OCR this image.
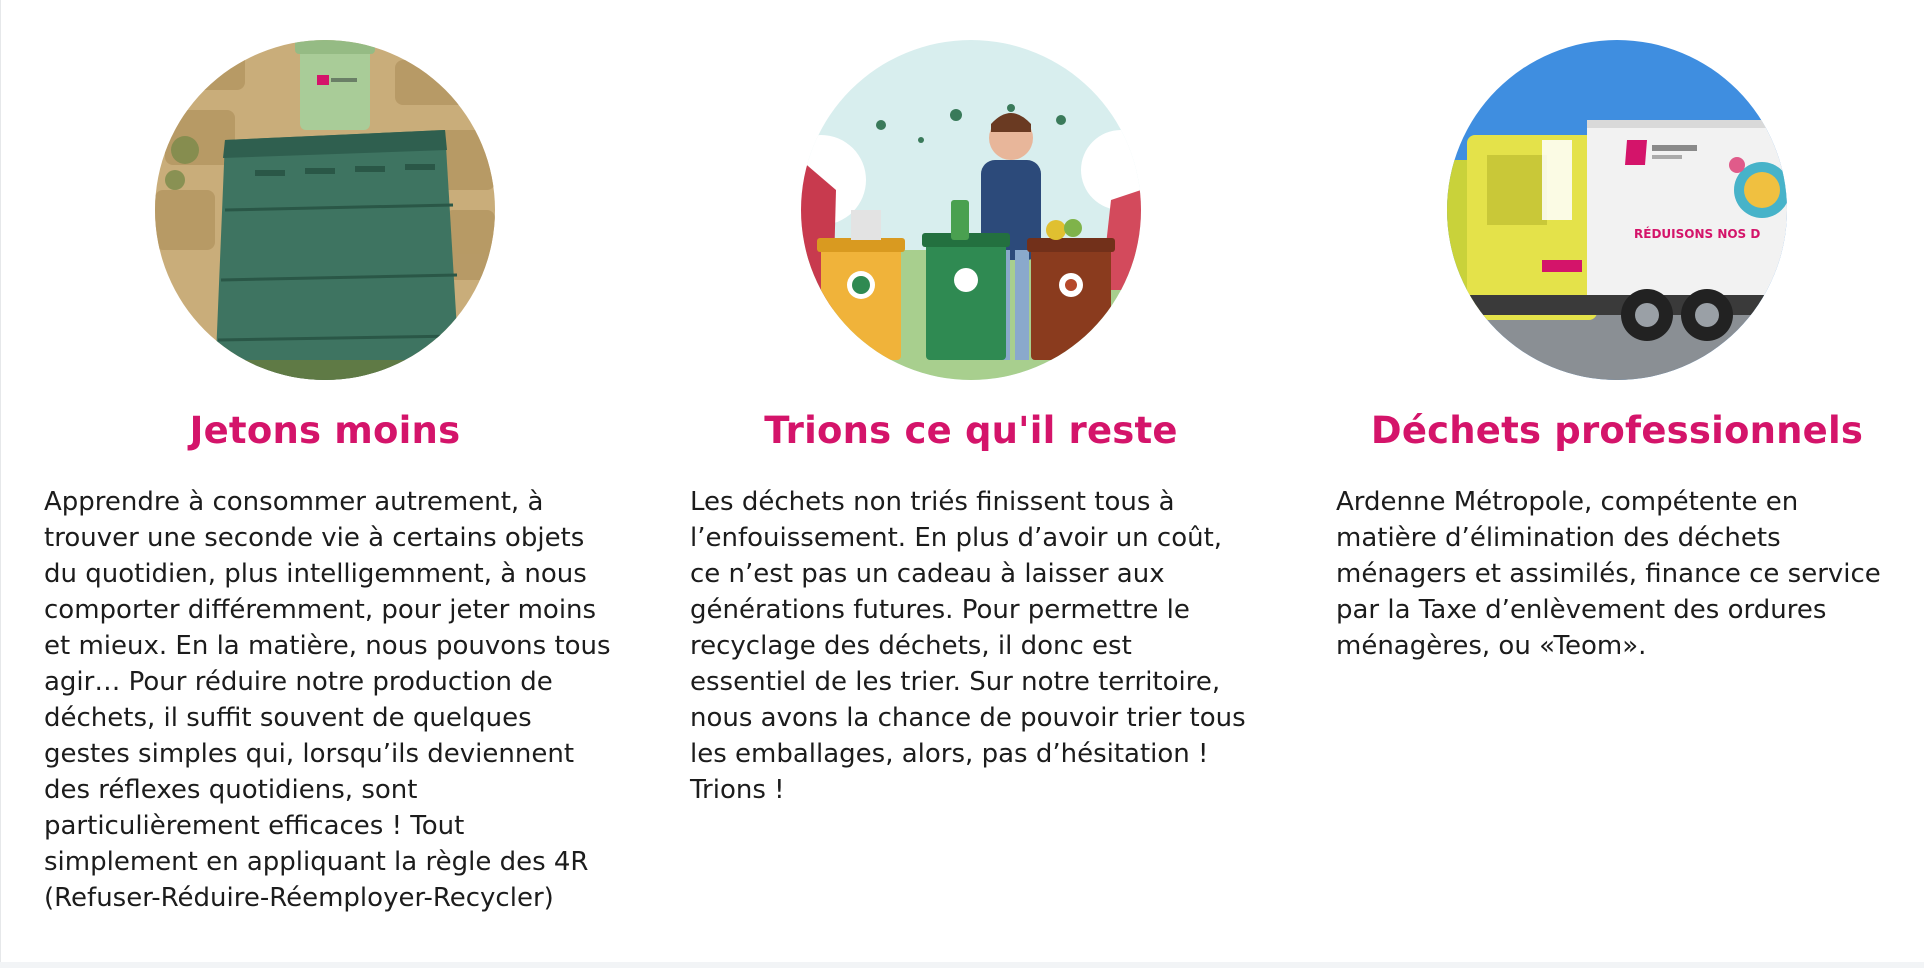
Jetons moins

Apprendre à consommer autrement, à
trouver une seconde vie à certains objets
du quotidien, plus intelligemment, à nous
comporter différemment, pour jeter moins
et mieux. En la matière, nous pouvons tous
agir… Pour réduire notre production de
déchets, il suffit souvent de quelques
gestes simples qui, lorsqu’ils deviennent
des réflexes quotidiens, sont
particulièrement efficaces ! Tout
simplement en appliquant la règle des 4R
(Refuser-Réduire-Réemployer-Recycler)

Trions ce qu'il reste

Les déchets non triés finissent tous à
l’enfouissement. En plus d’avoir un coût,
ce n’est pas un cadeau à laisser aux
générations futures. Pour permettre le
recyclage des déchets, il donc est
essentiel de les trier. Sur notre territoire,
nous avons la chance de pouvoir trier tous
les emballages, alors, pas d’hésitation !
Trions !

RÉDUISONS NOS D
Déchets professionnels

Ardenne Métropole, compétente en
matière d’élimination des déchets
ménagers et assimilés, finance ce service
par la Taxe d’enlèvement des ordures
ménagères, ou «Teom».
